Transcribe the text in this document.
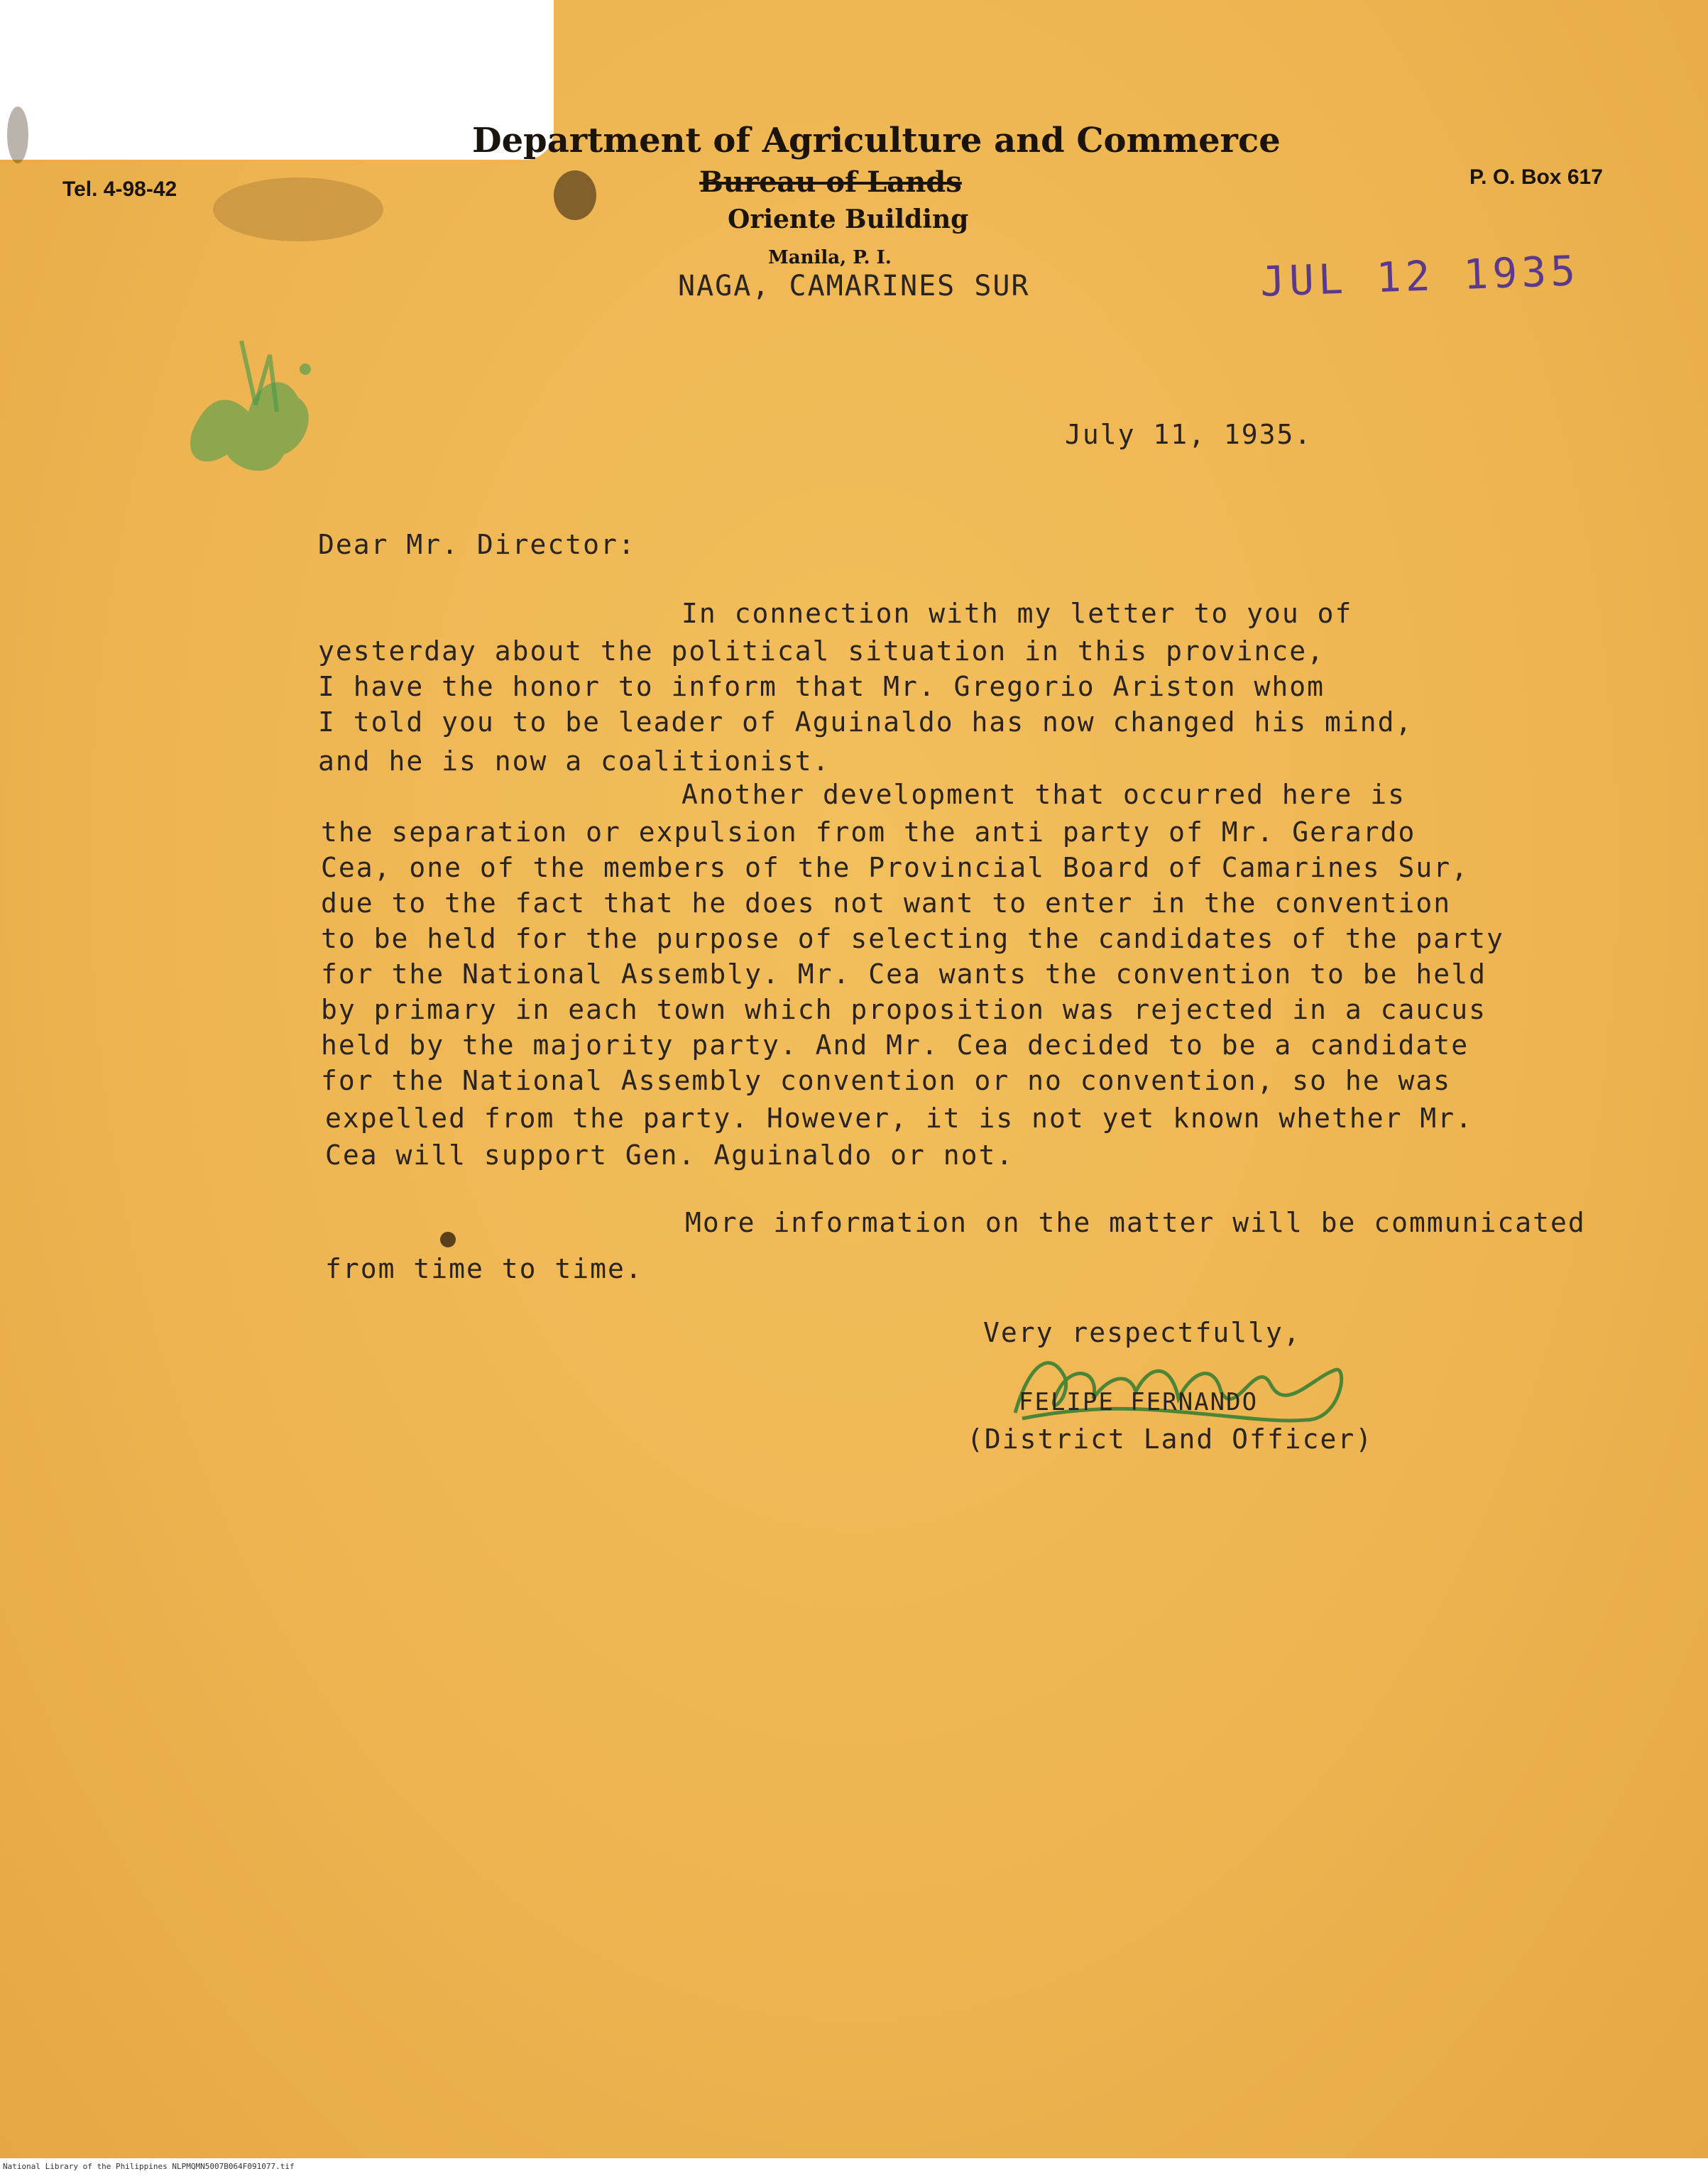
Tel. 4-98-42
P. O. Box 617
Department of Agriculture and Commerce
Bureau of Lands
Oriente Building
Manila, P. I.
NAGA, CAMARINES SUR	JUL 12 1935
July 11, 1935.
Dear Mr. Director:
In connection with my letter to you of
yesterday about the political situation in this province,
I have the honor to inform that Mr. Gregorio Ariston whom
I told you to be leader of Aguinaldo has now changed his mind,
and he is now a coalitionist.
Another development that occurred here is
the separation or expulsion from the anti party of Mr. Gerardo
Cea, one of the members of the Provincial Board of Camarines Sur,
due to the fact that he does not want to enter in the convention
to be held for the purpose of selecting the candidates of the party
for the National Assembly. Mr. Cea wants the convention to be held
by primary in each town which proposition was rejected in a caucus
held by the majority party. And Mr. Cea decided to be a candidate
for the National Assembly convention or no convention, so he was
expelled from the party. However, it is not yet known whether Mr.
Cea will support Gen. Aguinaldo or not.
More information on the matter will be communicated
from time to time.
Very respectfully,
FELIPE FERNANDO
(District Land Officer)
National Library of the Philippines NLPMQMN5007B064F091077.tif
